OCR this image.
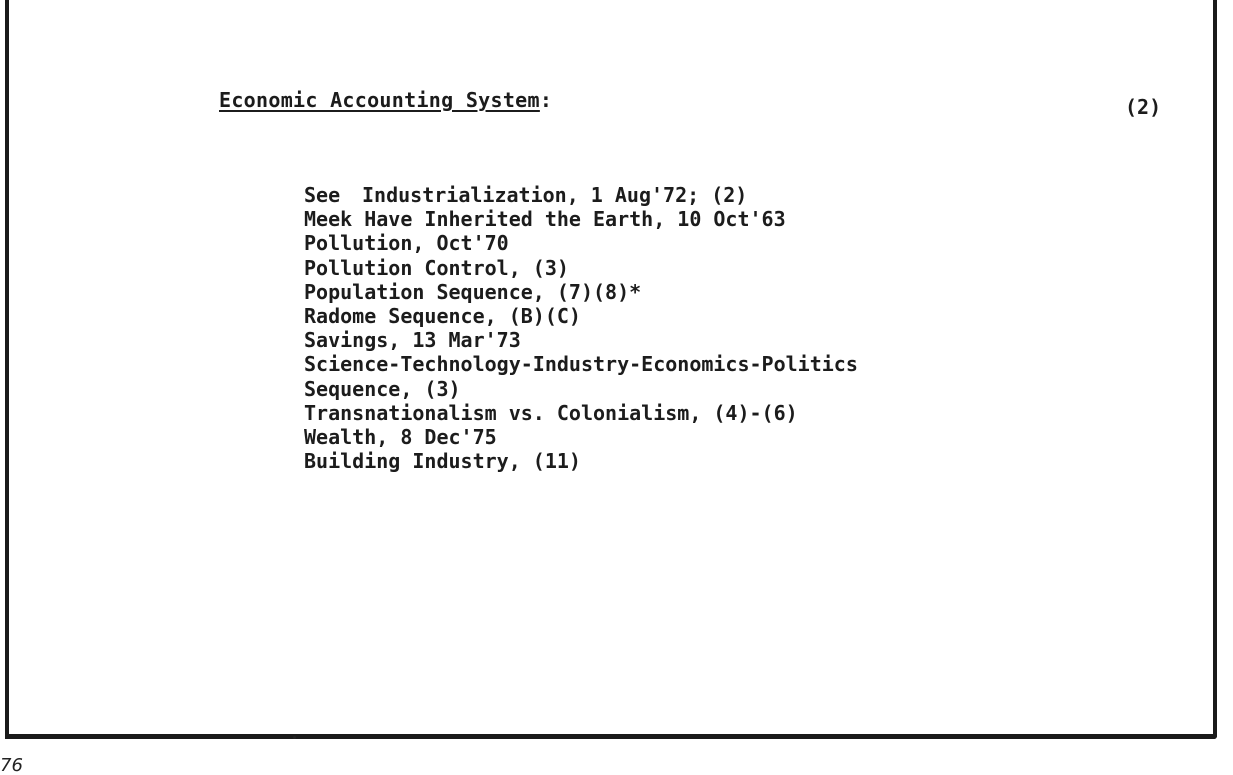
Economic Accounting System:	(2)
See Industrialization, 1 Aug'72; (2)
Meek Have Inherited the Earth, 10 Oct'63
Pollution, Oct'70
Pollution Control, (3)
Population Sequence, (7)(8)*
Radome Sequence, (B)(C)
Savings, 13 Mar'73
Science-Technology-Industry-Economics-Politics
Sequence, (3)
Transnationalism vs. Colonialism, (4)-(6)
Wealth, 8 Dec'75
Building Industry, (11)
76
